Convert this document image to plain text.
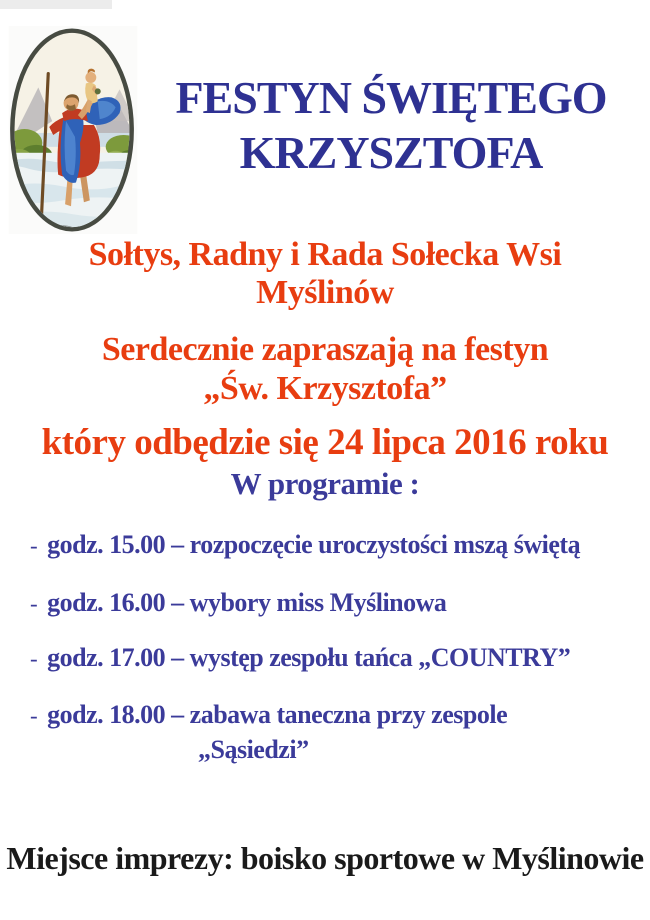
FESTYN ŚWIĘTEGO
KRZYSZTOFA
Sołtys, Radny i Rada Sołecka Wsi
Myślinów
Serdecznie zapraszają na festyn
„Św. Krzysztofa”
który odbędzie się 24 lipca 2016 roku
W programie :
- godz. 15.00 – rozpoczęcie uroczystości mszą świętą
- godz. 16.00 – wybory miss Myślinowa
- godz. 17.00 – występ zespołu tańca „COUNTRY”
- godz. 18.00 – zabawa taneczna przy zespole
„Sąsiedzi”
Miejsce imprezy: boisko sportowe w Myślinowie
